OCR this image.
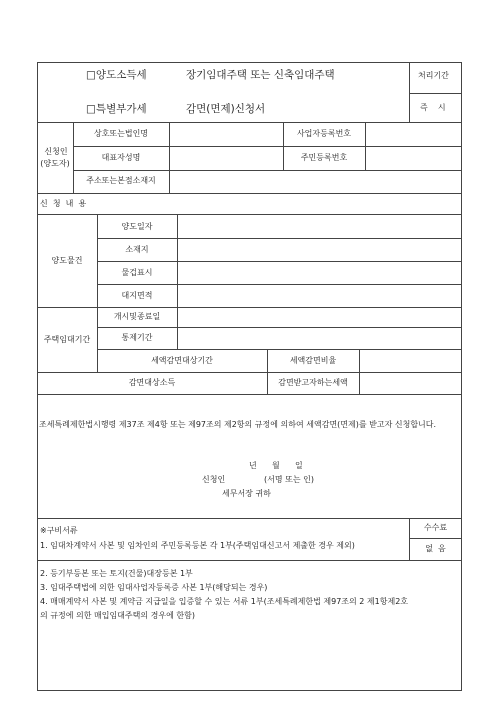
□양도소득세
□특별부가세
장기임대주택 또는 신축임대주택
감면(면제)신청서
처리기간
즉    시
신청인
(양도자)
상호또는법인명	사업자등록번호
대표자성명	주민등록번호
주소또는본점소재지
신  청  내  용
양도물건
양도일자
소재지
물겁표시
대지면적
주택임대기간
개시및종료일
통제기간
세액감면대상기간	세액감면비율
감면대상소득	감면받고자하는세액
조세특례제한법시행령 제37조 제4항 또는 제97조의 제2항의 규정에 의하여 세액감면(면제)를 받고자 신청합니다.
년      월      일
신청인	(서명 또는 인)
세무서장 귀하
※구비서류
1. 임대차계약서 사본 및 임차인의 주민등록등본 각 1부(주택임대신고서 제출한 경우 제외)
수수료
없  음
2. 등기부등본 또는 토지(건물)대장등본 1부
3. 임대주택법에 의한 임대사업자등록증 사본 1부(해당되는 경우)
4. 매매계약서 사본 및 계약금 지급일을 입증할 수 있는 서류 1부(조세특례제한법 제97조의 2 제1항제2호
의 규정에 의한 매입임대주택의 경우에 한함)
